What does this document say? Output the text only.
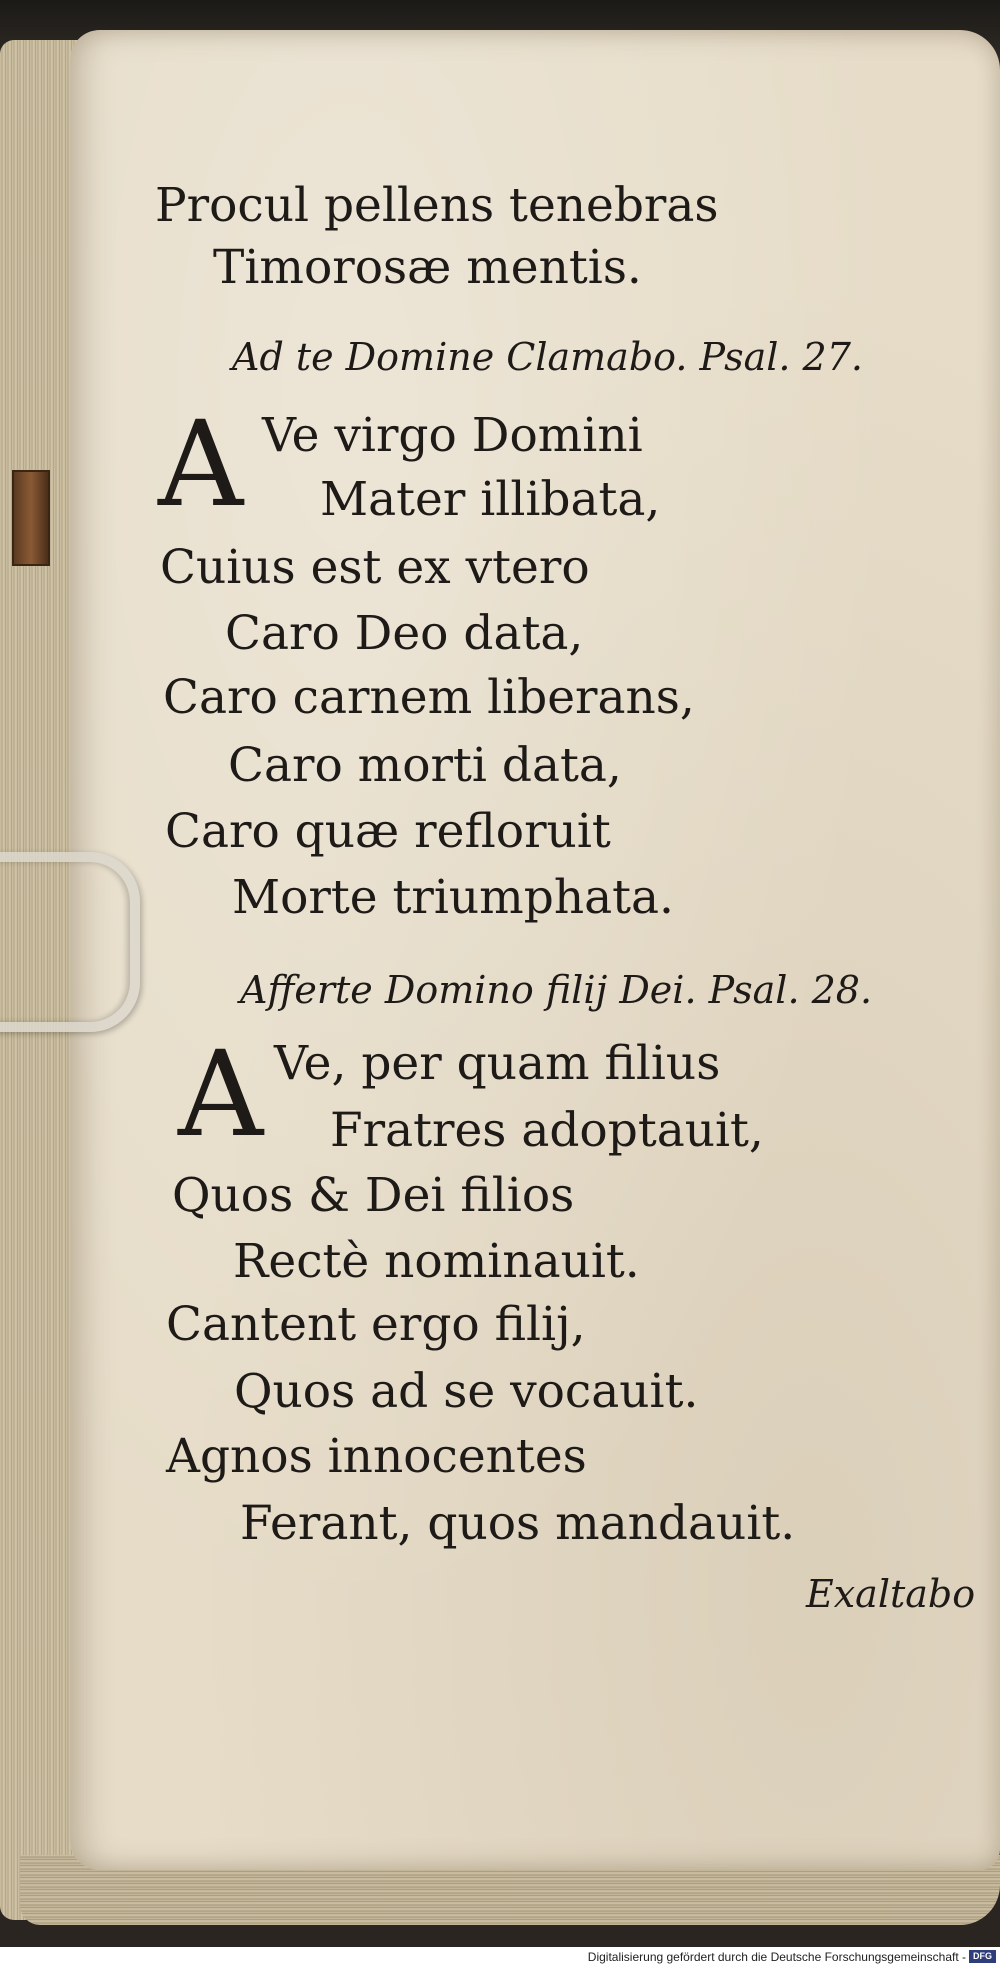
Procul pellens tenebras
Timorosæ mentis.
Ad te Domine Clamabo. Psal. 27.
A Ve virgo Domini
Mater illibata,
Cuius est ex vtero
Caro Deo data,
Caro carnem liberans,
Caro morti data,
Caro quæ refloruit
Morte triumphata.
Afferte Domino filij Dei. Psal. 28.
A Ve, per quam filius
Fratres adoptauit,
Quos & Dei filios
Rectè nominauit.
Cantent ergo filij,
Quos ad se vocauit.
Agnos innocentes
Ferant, quos mandauit.
Exaltabo
Digitalisierung gefördert durch die Deutsche Forschungsgemeinschaft - DFG
